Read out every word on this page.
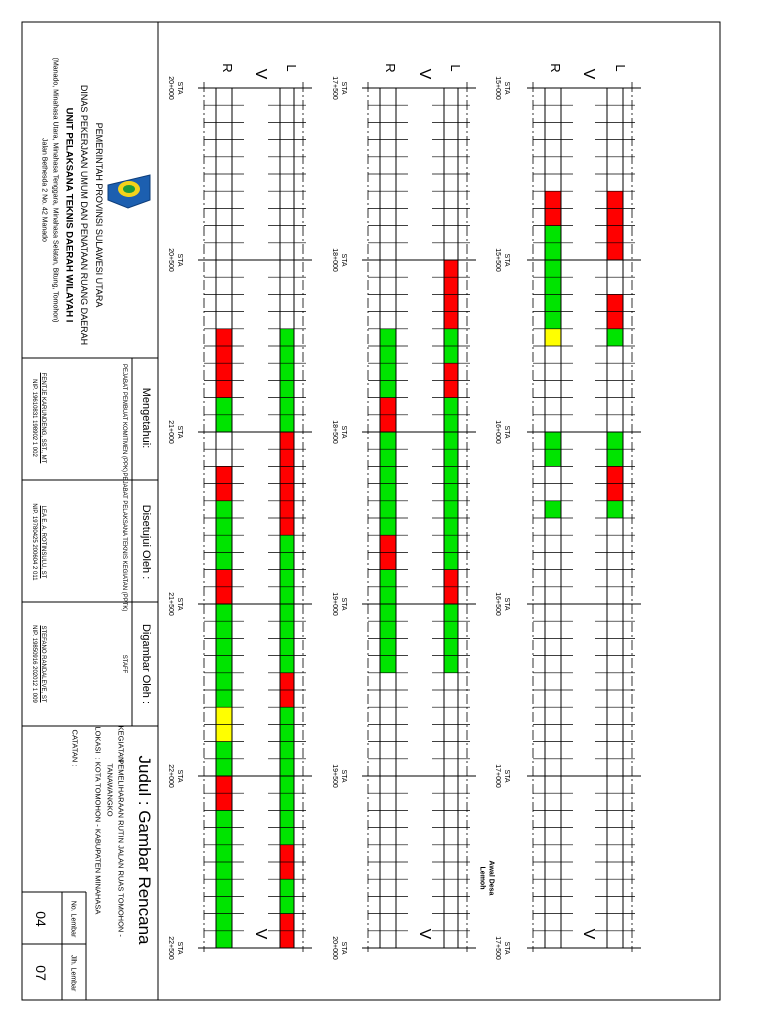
L
R
V
V
STA
15+000
STA
15+500
STA
16+000
STA
16+500
STA
17+000
STA
17+500
L
R
V
V
STA
17+500
STA
18+000
STA
18+500
STA
19+000
STA
19+500
STA
20+000
L
R
V
V
STA
20+000
STA
20+500
STA
21+000
STA
21+500
STA
22+000
STA
22+500
PEMERINTAH PROVINSI SULAWESI UTARA
DINAS PEKERJAAN UMUM DAN PENATAAN RUANG DAERAH
UNIT PELAKSANA TEKNIS DAERAH WILAYAH I
(Manado, Minahasa Utara, Minahasa Tenggara, Minahasa Selatan, Bitung, Tomohon)
Jalan Bethesda 2 No. 42 Manado
Mengetahui:
PEJABAT PEMBUAT KOMITMEN (PPK)
FENTJE KARUNDENG, SST., MT
NIP. 19610831 198902 1 002
Disetujui Oleh :
PEJABAT PELAKSANA TEKNIS KEGIATAN (PPTK)
LEA E. A. ROTINSULU, ST
NIP. 19780425 200604 2 011
Digambar Oleh :
STAFF
STEFANO RANDALEVE, ST
NIP. 19850916 202012 1 009
Judul : Gambar Rencana
KEGIATAN
: PEMELIHARAAN RUTIN JALAN RUAS TOMOHON -
TANAWANGKO
LOKASI
: KOTA TOMOHON - KABUPATEN MINAHASA
CATATAN :
No. Lembar
Jlh. Lembar
04
07
Awal Desa
Lemoh
